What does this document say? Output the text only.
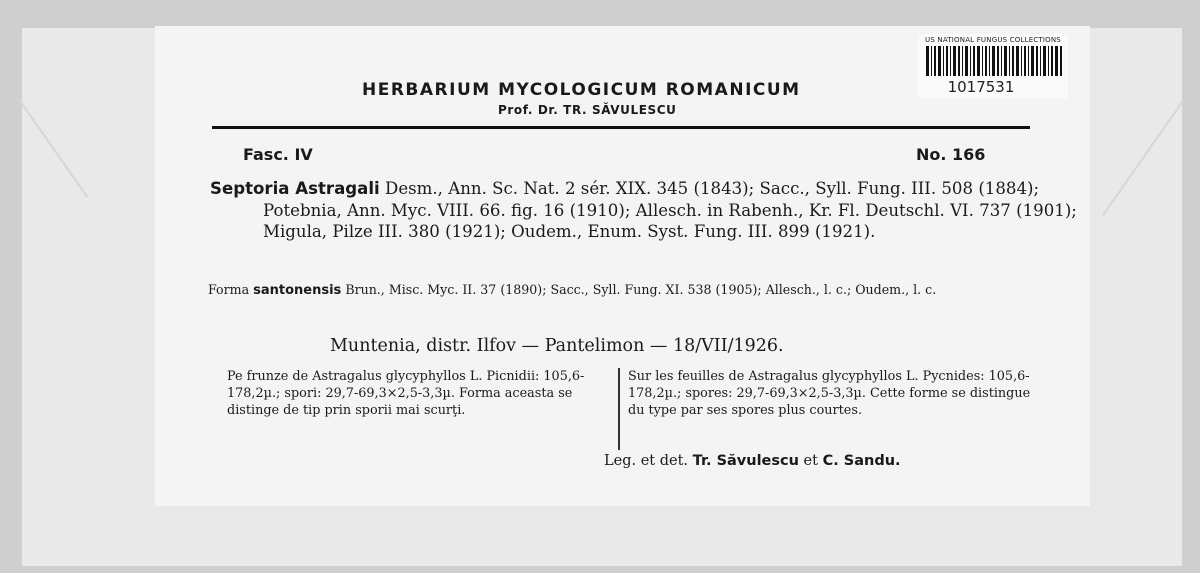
US NATIONAL FUNGUS COLLECTIONS
1017531
HERBARIUM MYCOLOGICUM ROMANICUM
Prof. Dr. TR. SĂVULESCU
Fasc. IV	No. 166
Septoria Astragali Desm., Ann. Sc. Nat. 2 sér. XIX. 345 (1843); Sacc., Syll. Fung. III. 508 (1884); Potebnia, Ann. Myc. VIII. 66. fig. 16 (1910); Allesch. in Rabenh., Kr. Fl. Deutschl. VI. 737 (1901); Migula, Pilze III. 380 (1921); Oudem., Enum. Syst. Fung. III. 899 (1921).
Forma santonensis Brun., Misc. Myc. II. 37 (1890); Sacc., Syll. Fung. XI. 538 (1905); Allesch., l. c.; Oudem., l. c.
Muntenia, distr. Ilfov — Pantelimon — 18/VII/1926.
Pe frunze de Astragalus glycyphyllos L. Picnidii: 105,6-178,2µ.; spori: 29,7-69,3×2,5-3,3µ. Forma aceasta se distinge de tip prin sporii mai scurţi.
Sur les feuilles de Astragalus glycyphyllos L. Pycnides: 105,6-178,2µ.; spores: 29,7-69,3×2,5-3,3µ. Cette forme se distingue du type par ses spores plus courtes.
Leg. et det. Tr. Săvulescu et C. Sandu.
